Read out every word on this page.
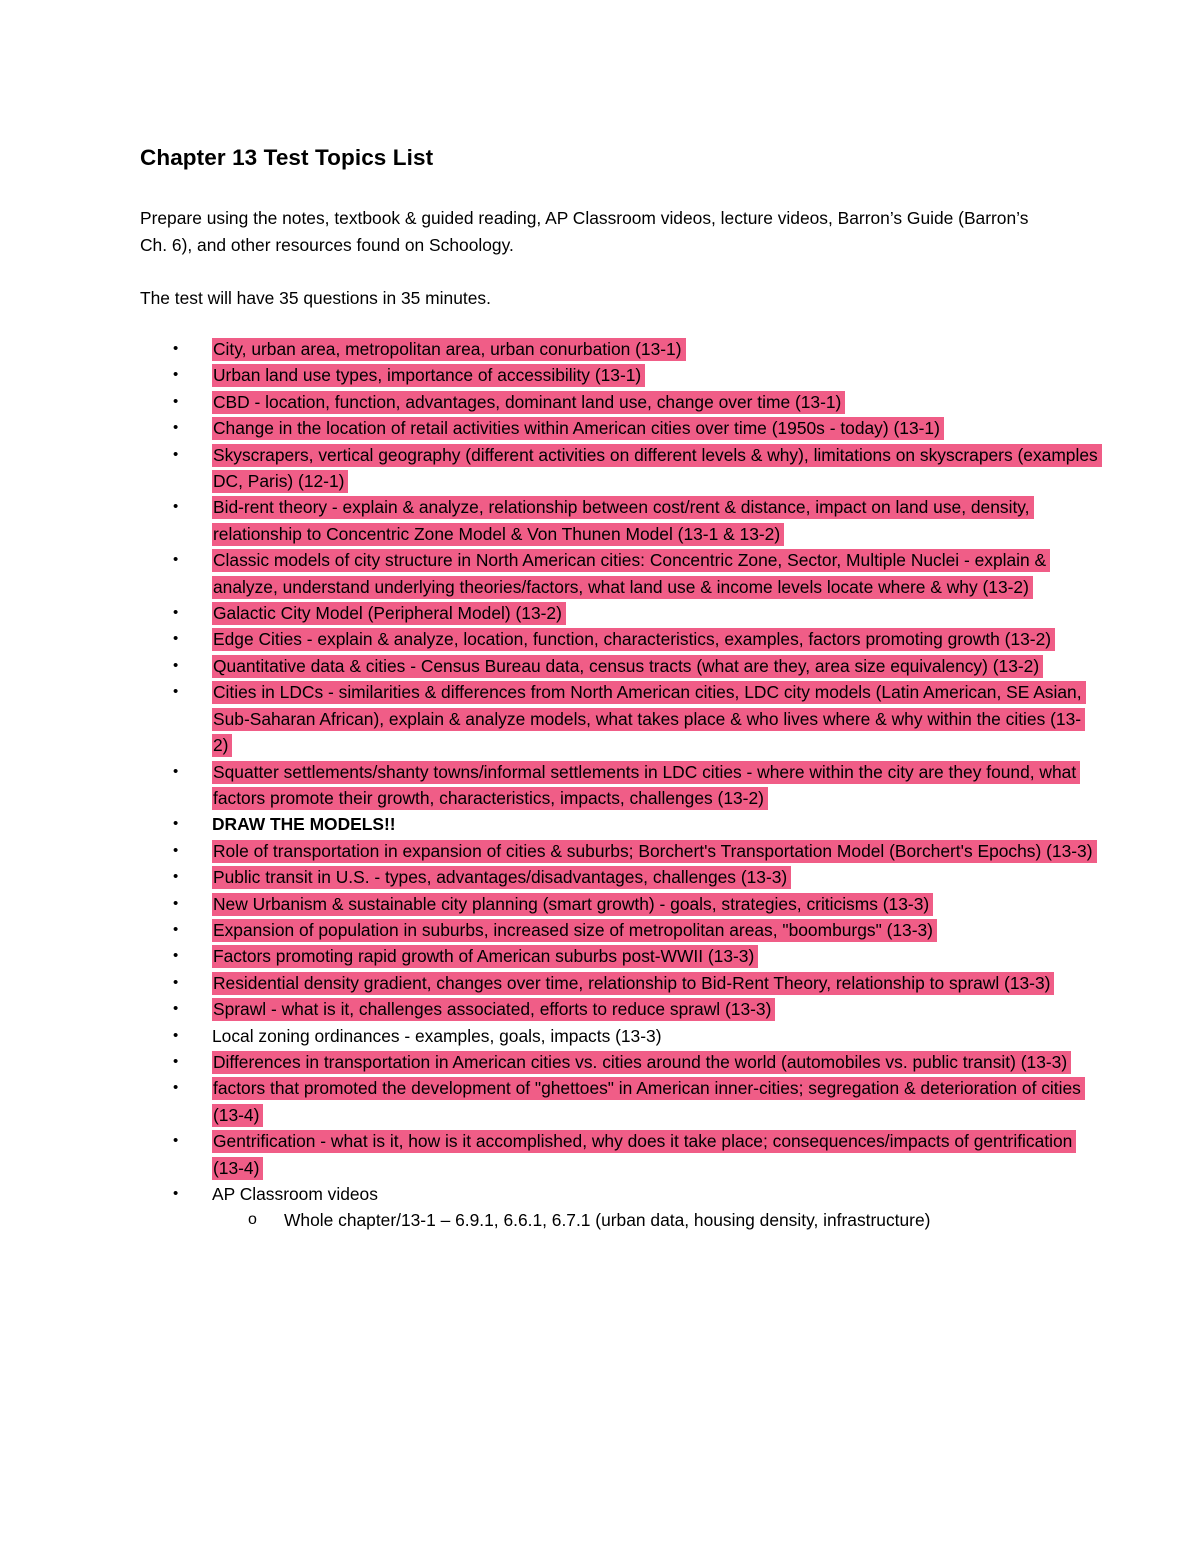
Chapter 13 Test Topics List

Prepare using the notes, textbook & guided reading, AP Classroom videos, lecture videos, Barron’s Guide (Barron’s Ch. 6), and other resources found on Schoology.

The test will have 35 questions in 35 minutes.

• City, urban area, metropolitan area, urban conurbation (13-1)
• Urban land use types, importance of accessibility (13-1)
• CBD - location, function, advantages, dominant land use, change over time (13-1)
• Change in the location of retail activities within American cities over time (1950s - today) (13-1)
• Skyscrapers, vertical geography (different activities on different levels & why), limitations on skyscrapers (examples DC, Paris) (12-1)
• Bid-rent theory - explain & analyze, relationship between cost/rent & distance, impact on land use, density, relationship to Concentric Zone Model & Von Thunen Model (13-1 & 13-2)
• Classic models of city structure in North American cities: Concentric Zone, Sector, Multiple Nuclei - explain & analyze, understand underlying theories/factors, what land use & income levels locate where & why (13-2)
• Galactic City Model (Peripheral Model) (13-2)
• Edge Cities - explain & analyze, location, function, characteristics, examples, factors promoting growth (13-2)
• Quantitative data & cities - Census Bureau data, census tracts (what are they, area size equivalency) (13-2)
• Cities in LDCs - similarities & differences from North American cities, LDC city models (Latin American, SE Asian, Sub-Saharan African), explain & analyze models, what takes place & who lives where & why within the cities (13-2)
• Squatter settlements/shanty towns/informal settlements in LDC cities - where within the city are they found, what factors promote their growth, characteristics, impacts, challenges (13-2)
• DRAW THE MODELS!!
• Role of transportation in expansion of cities & suburbs; Borchert's Transportation Model (Borchert's Epochs) (13-3)
• Public transit in U.S. - types, advantages/disadvantages, challenges (13-3)
• New Urbanism & sustainable city planning (smart growth) - goals, strategies, criticisms (13-3)
• Expansion of population in suburbs, increased size of metropolitan areas, "boomburgs" (13-3)
• Factors promoting rapid growth of American suburbs post-WWII (13-3)
• Residential density gradient, changes over time, relationship to Bid-Rent Theory, relationship to sprawl (13-3)
• Sprawl - what is it, challenges associated, efforts to reduce sprawl (13-3)
• Local zoning ordinances - examples, goals, impacts (13-3)
• Differences in transportation in American cities vs. cities around the world (automobiles vs. public transit) (13-3)
• factors that promoted the development of "ghettoes" in American inner-cities; segregation & deterioration of cities (13-4)
• Gentrification - what is it, how is it accomplished, why does it take place; consequences/impacts of gentrification (13-4)
• AP Classroom videos
o Whole chapter/13-1 – 6.9.1, 6.6.1, 6.7.1 (urban data, housing density, infrastructure)
